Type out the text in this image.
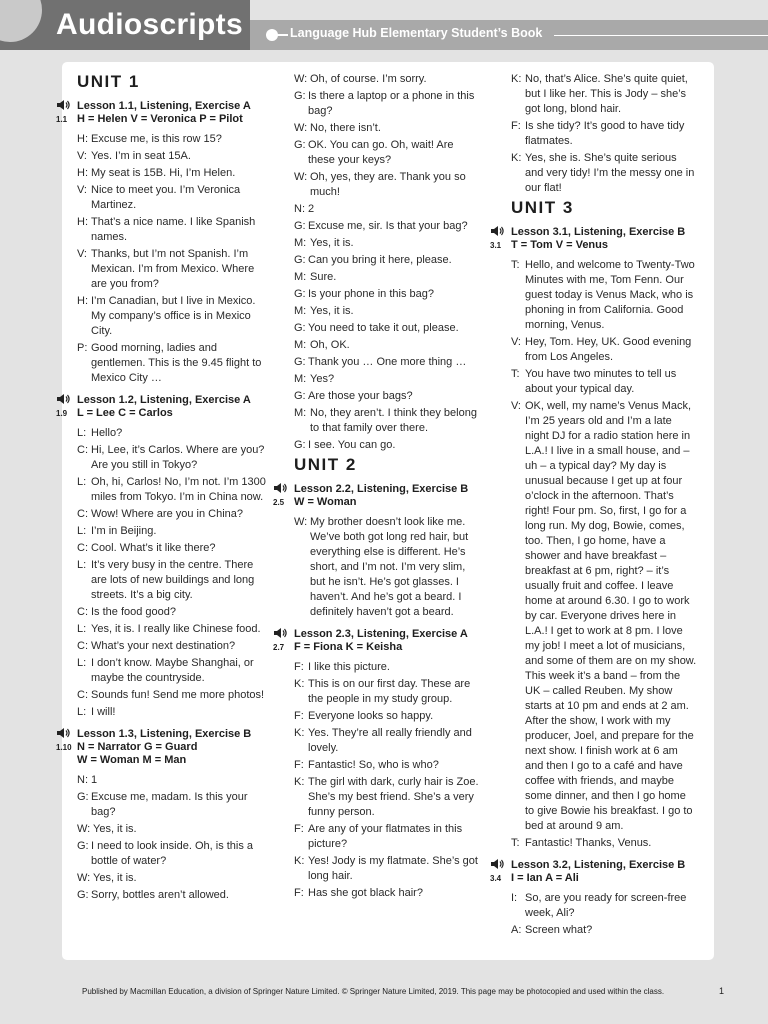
Audioscripts	Language Hub Elementary Student’s Book
UNIT 1
1.1
Lesson 1.1, Listening, Exercise A
H = Helen V = Veronica P = Pilot
H: Excuse me, is this row 15?
V: Yes. I’m in seat 15A.
H: My seat is 15B. Hi, I’m Helen.
V: Nice to meet you. I’m Veronica Martinez.
H: That’s a nice name. I like Spanish names.
V: Thanks, but I’m not Spanish. I’m Mexican. I’m from Mexico. Where are you from?
H: I’m Canadian, but I live in Mexico. My company’s office is in Mexico City.
P: Good morning, ladies and gentlemen. This is the 9.45 flight to Mexico City …
1.9
Lesson 1.2, Listening, Exercise A
L = Lee C = Carlos
L: Hello?
C: Hi, Lee, it’s Carlos. Where are you? Are you still in Tokyo?
L: Oh, hi, Carlos! No, I’m not. I’m 1300 miles from Tokyo. I’m in China now.
C: Wow! Where are you in China?
L: I’m in Beijing.
C: Cool. What’s it like there?
L: It’s very busy in the centre. There are lots of new buildings and long streets. It’s a big city.
C: Is the food good?
L: Yes, it is. I really like Chinese food.
C: What’s your next destination?
L: I don’t know. Maybe Shanghai, or maybe the countryside.
C: Sounds fun! Send me more photos!
L: I will!
1.10
Lesson 1.3, Listening, Exercise B
N = Narrator G = Guard
W = Woman M = Man
N: 1
G: Excuse me, madam. Is this your bag?
W: Yes, it is.
G: I need to look inside. Oh, is this a bottle of water?
W: Yes, it is.
G: Sorry, bottles aren’t allowed.
W: Oh, of course. I’m sorry.
G: Is there a laptop or a phone in this bag?
W: No, there isn’t.
G: OK. You can go. Oh, wait! Are these your keys?
W: Oh, yes, they are. Thank you so much!
N: 2
G: Excuse me, sir. Is that your bag?
M: Yes, it is.
G: Can you bring it here, please.
M: Sure.
G: Is your phone in this bag?
M: Yes, it is.
G: You need to take it out, please.
M: Oh, OK.
G: Thank you … One more thing …
M: Yes?
G: Are those your bags?
M: No, they aren’t. I think they belong to that family over there.
G: I see. You can go.
UNIT 2
2.5
Lesson 2.2, Listening, Exercise B
W = Woman
W: My brother doesn’t look like me. We’ve both got long red hair, but everything else is different. He’s short, and I’m not. I’m very slim, but he isn’t. He’s got glasses. I haven’t. And he’s got a beard. I definitely haven’t got a beard.
2.7
Lesson 2.3, Listening, Exercise A
F = Fiona K = Keisha
F: I like this picture.
K: This is on our first day. These are the people in my study group.
F: Everyone looks so happy.
K: Yes. They’re all really friendly and lovely.
F: Fantastic! So, who is who?
K: The girl with dark, curly hair is Zoe. She’s my best friend. She’s a very funny person.
F: Are any of your flatmates in this picture?
K: Yes! Jody is my flatmate. She’s got long hair.
F: Has she got black hair?
K: No, that’s Alice. She’s quite quiet, but I like her. This is Jody – she’s got long, blond hair.
F: Is she tidy? It’s good to have tidy flatmates.
K: Yes, she is. She’s quite serious and very tidy! I’m the messy one in our flat!
UNIT 3
3.1
Lesson 3.1, Listening, Exercise B
T = Tom V = Venus
T: Hello, and welcome to Twenty-Two Minutes with me, Tom Fenn. Our guest today is Venus Mack, who is phoning in from California. Good morning, Venus.
V: Hey, Tom. Hey, UK. Good evening from Los Angeles.
T: You have two minutes to tell us about your typical day.
V: OK, well, my name’s Venus Mack, I’m 25 years old and I’m a late night DJ for a radio station here in L.A.! I live in a small house, and – uh – a typical day? My day is unusual because I get up at four o’clock in the afternoon. That’s right! Four pm. So, first, I go for a long run. My dog, Bowie, comes, too. Then, I go home, have a shower and have breakfast – breakfast at 6 pm, right? – it’s usually fruit and coffee. I leave home at around 6.30. I go to work by car. Everyone drives here in L.A.! I get to work at 8 pm. I love my job! I meet a lot of musicians, and some of them are on my show. This week it’s a band – from the UK – called Reuben. My show starts at 10 pm and ends at 2 am. After the show, I work with my producer, Joel, and prepare for the next show. I finish work at 6 am and then I go to a café and have coffee with friends, and maybe some dinner, and then I go home to give Bowie his breakfast. I go to bed at around 9 am.
T: Fantastic! Thanks, Venus.
3.4
Lesson 3.2, Listening, Exercise B
I = Ian A = Ali
I: So, are you ready for screen-free week, Ali?
A: Screen what?
Published by Macmillan Education, a division of Springer Nature Limited. © Springer Nature Limited, 2019. This page may be photocopied and used within the class.	1
